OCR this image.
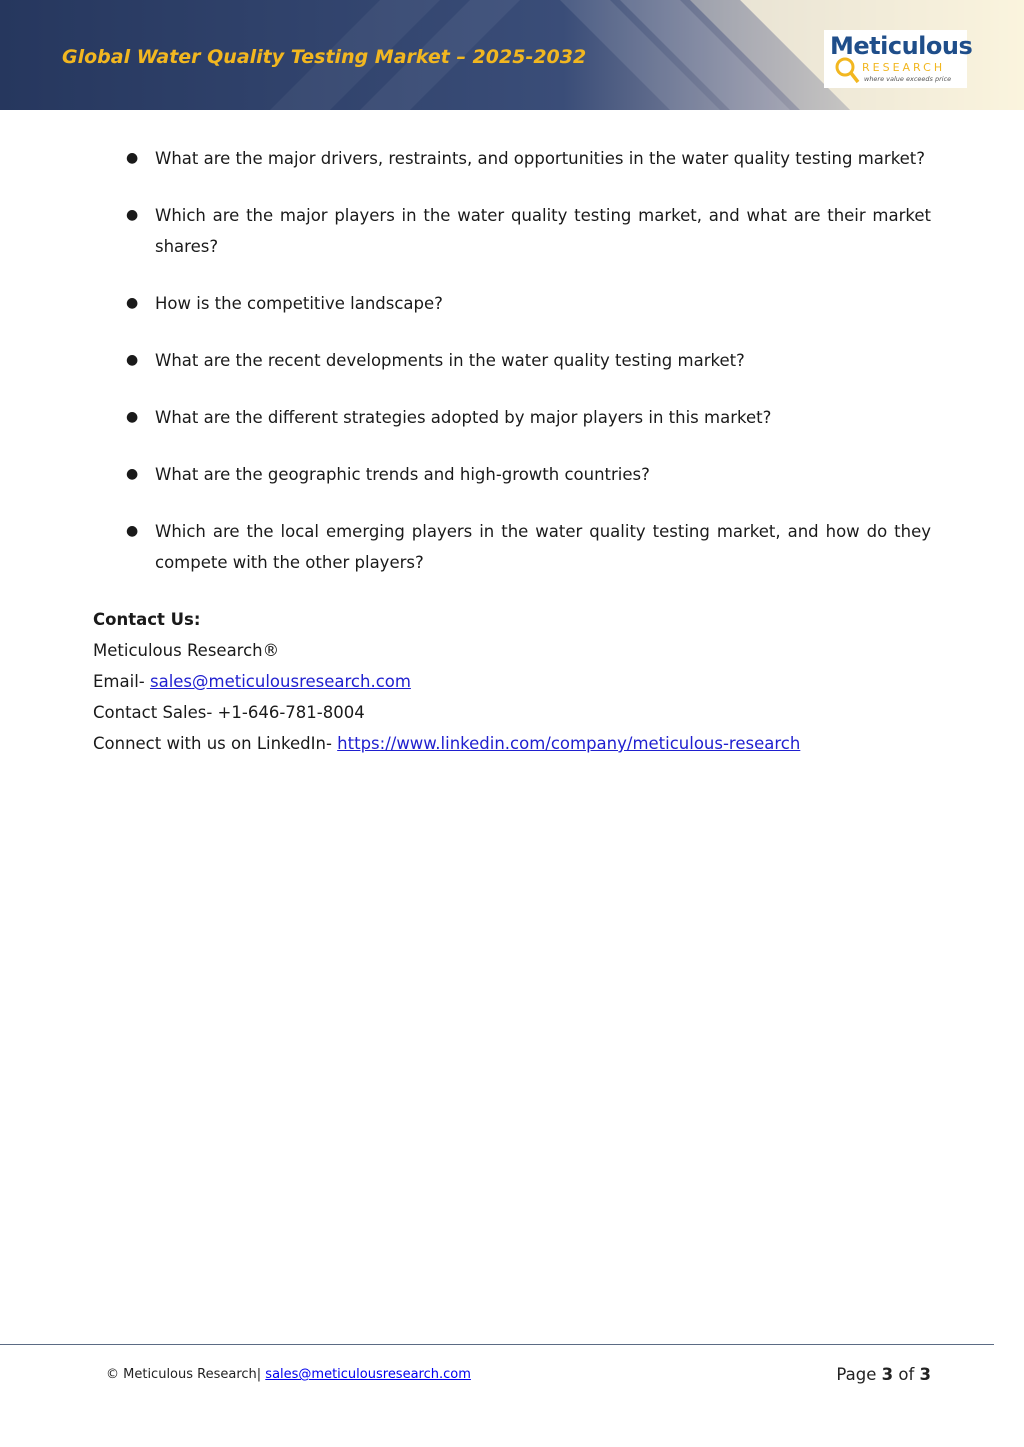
Global Water Quality Testing Market – 2025-2032	Meticulous
RESEARCH
where value exceeds price
● What are the major drivers, restraints, and opportunities in the water quality testing market?
● Which are the major players in the water quality testing market, and what are their market shares?
● How is the competitive landscape?
● What are the recent developments in the water quality testing market?
● What are the different strategies adopted by major players in this market?
● What are the geographic trends and high-growth countries?
● Which are the local emerging players in the water quality testing market, and how do they compete with the other players?
Contact Us:
Meticulous Research®
Email- sales@meticulousresearch.com
Contact Sales- +1-646-781-8004
Connect with us on LinkedIn- https://www.linkedin.com/company/meticulous-research
© Meticulous Research| sales@meticulousresearch.com	Page 3 of 3
